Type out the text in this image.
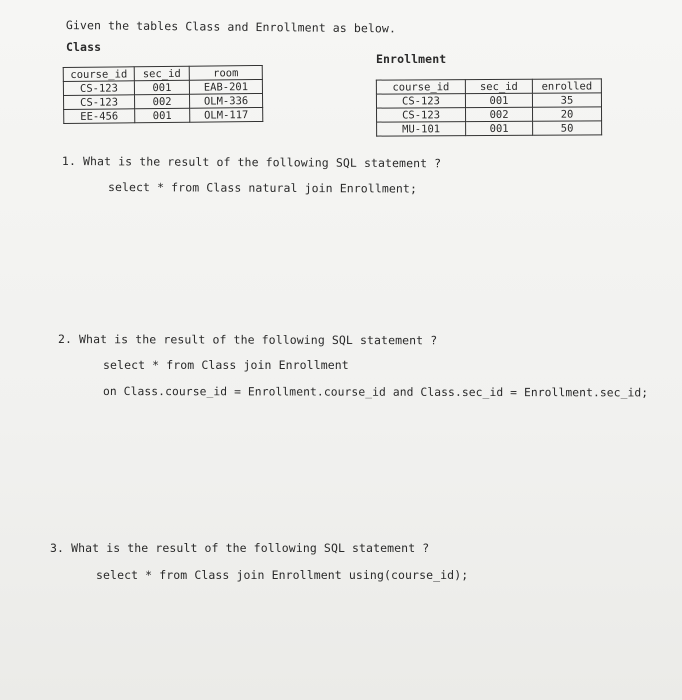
Given the tables Class and Enrollment as below.
Class
course_id	sec_id	room
CS-123	001	EAB-201
CS-123	002	OLM-336
EE-456	001	OLM-117
Enrollment
course_id	sec_id	enrolled
CS-123	001	35
CS-123	002	20
MU-101	001	50
1. What is the result of the following SQL statement ?
select * from Class natural join Enrollment;
2. What is the result of the following SQL statement ?
select * from Class join Enrollment
on Class.course_id = Enrollment.course_id and Class.sec_id = Enrollment.sec_id;
3. What is the result of the following SQL statement ?
select * from Class join Enrollment using(course_id);
